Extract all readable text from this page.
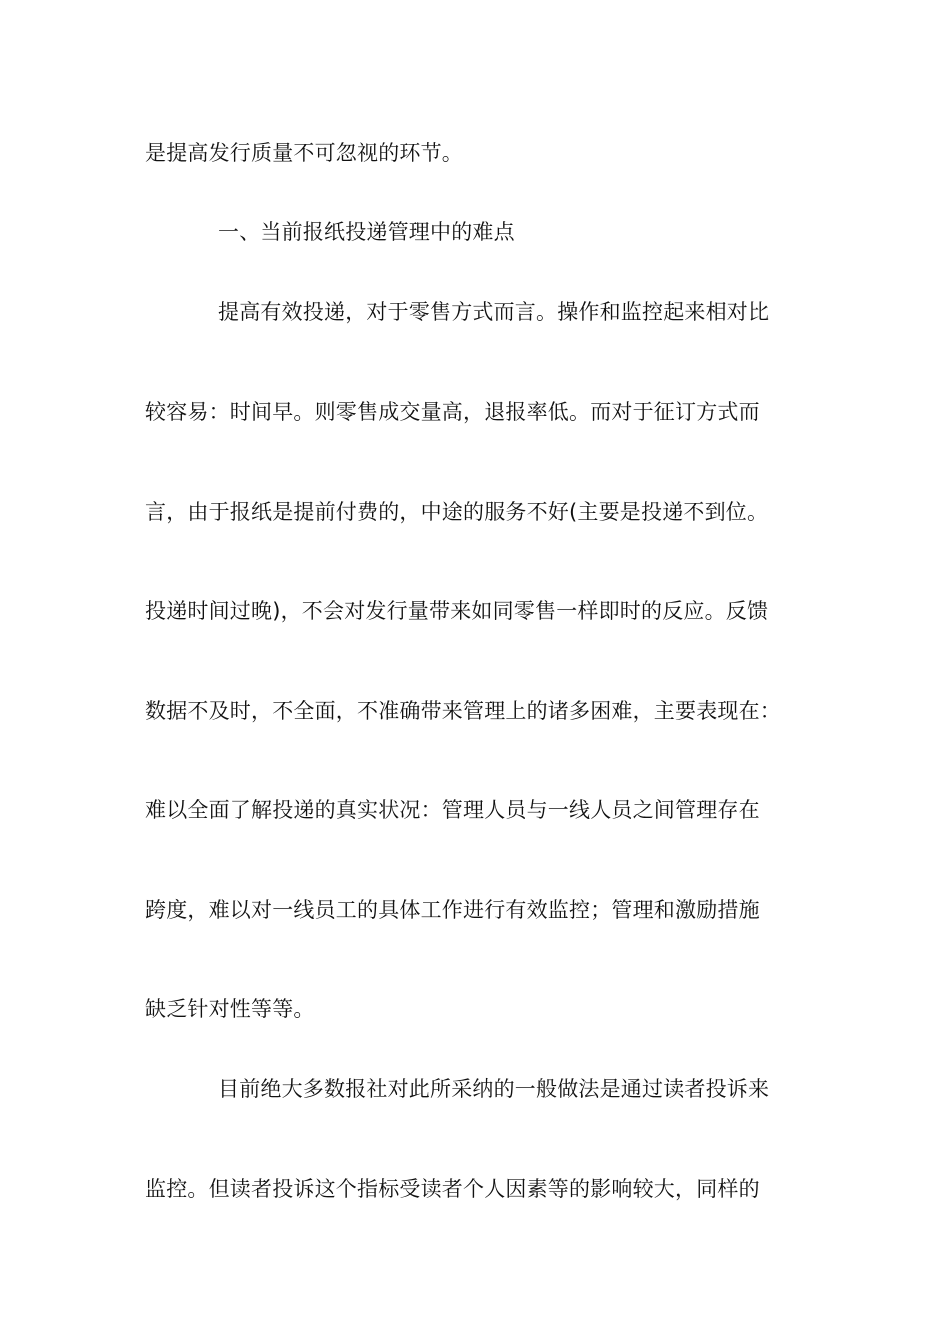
是提高发行质量不可忽视的环节。
一、当前报纸投递管理中的难点
提高有效投递，对于零售方式而言。操作和监控起来相对比
较容易：时间早。则零售成交量高，退报率低。而对于征订方式而
言，由于报纸是提前付费的，中途的服务不好(主要是投递不到位。
投递时间过晚)，不会对发行量带来如同零售一样即时的反应。反馈
数据不及时，不全面，不准确带来管理上的诸多困难，主要表现在：
难以全面了解投递的真实状况：管理人员与一线人员之间管理存在
跨度，难以对一线员工的具体工作进行有效监控；管理和激励措施
缺乏针对性等等。
目前绝大多数报社对此所采纳的一般做法是通过读者投诉来
监控。但读者投诉这个指标受读者个人因素等的影响较大，同样的
